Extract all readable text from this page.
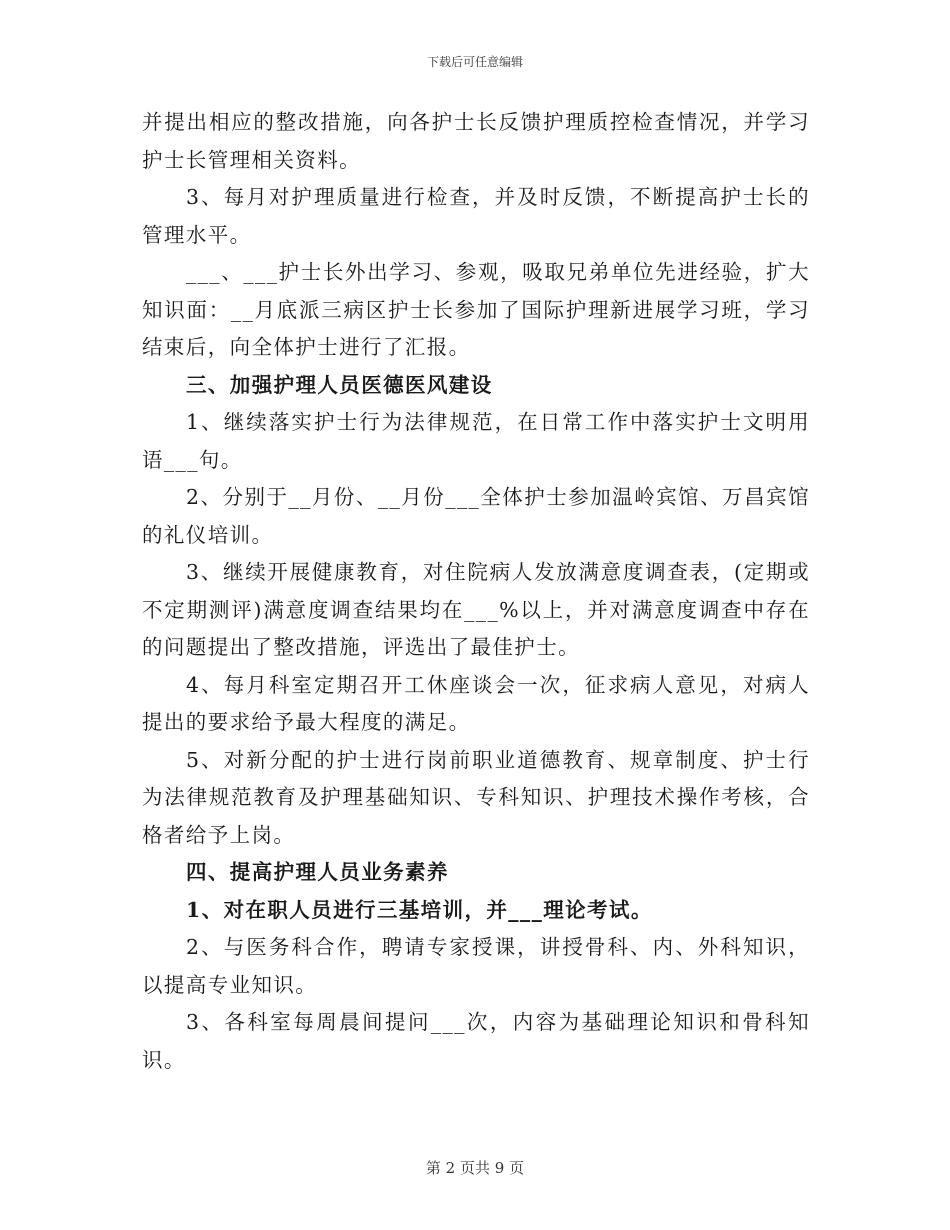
下载后可任意编辑

并提出相应的整改措施，向各护士长反馈护理质控检查情况，并学习护士长管理相关资料。

3、每月对护理质量进行检查，并及时反馈，不断提高护士长的管理水平。

___、___护士长外出学习、参观，吸取兄弟单位先进经验，扩大知识面：__月底派三病区护士长参加了国际护理新进展学习班，学习结束后，向全体护士进行了汇报。

三、加强护理人员医德医风建设

1、继续落实护士行为法律规范，在日常工作中落实护士文明用语___句。

2、分别于__月份、__月份___全体护士参加温岭宾馆、万昌宾馆的礼仪培训。

3、继续开展健康教育，对住院病人发放满意度调查表，(定期或不定期测评)满意度调查结果均在___%以上，并对满意度调查中存在的问题提出了整改措施，评选出了最佳护士。

4、每月科室定期召开工休座谈会一次，征求病人意见，对病人提出的要求给予最大程度的满足。

5、对新分配的护士进行岗前职业道德教育、规章制度、护士行为法律规范教育及护理基础知识、专科知识、护理技术操作考核，合格者给予上岗。

四、提高护理人员业务素养

1、对在职人员进行三基培训，并___理论考试。

2、与医务科合作，聘请专家授课，讲授骨科、内、外科知识，以提高专业知识。

3、各科室每周晨间提问___次，内容为基础理论知识和骨科知识。

第 2 页共 9 页
